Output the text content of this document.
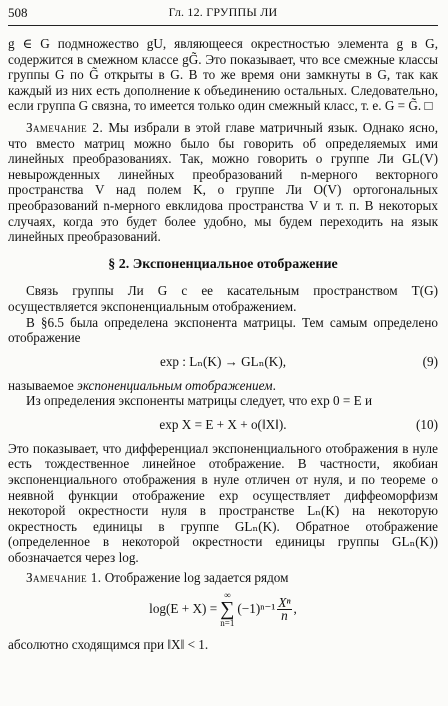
508	Гл. 12. ГРУППЫ ЛИ

g ∈ G подмножество gU, являющееся окрестностью элемента g в G, содержится в смежном классе gG̃. Это показывает, что все смежные классы группы G по G̃ открыты в G. В то же время они замкнуты в G, так как каждый из них есть дополнение к объединению остальных. Следовательно, если группа G связна, то имеется только один смежный класс, т. е. G = G̃. □

Замечание 2. Мы избрали в этой главе матричный язык. Однако ясно, что вместо матриц можно было бы говорить об определяемых ими линейных преобразованиях. Так, можно говорить о группе Ли GL(V) невырожденных линейных преобразований n-мерного векторного пространства V над полем K, о группе Ли O(V) ортогональных преобразований n-мерного евклидова пространства V и т. п. В некоторых случаях, когда это будет более удобно, мы будем переходить на язык линейных преобразований.

§ 2. Экспоненциальное отображение

Связь группы Ли G с ее касательным пространством T(G) осуществляется экспоненциальным отображением.

В §6.5 была определена экспонента матрицы. Тем самым определено отображение

exp : Lₙ(K) → GLₙ(K),	(9)

называемое экспоненциальным отображением.

Из определения экспоненты матрицы следует, что exp 0 = E и

exp X = E + X + o(‖X‖).	(10)

Это показывает, что дифференциал экспоненциального отображения в нуле есть тождественное линейное отображение. В частности, якобиан экспоненциального отображения в нуле отличен от нуля, и по теореме о неявной функции отображение exp осуществляет диффеоморфизм некоторой окрестности нуля в пространстве Lₙ(K) на некоторую окрестность единицы в группе GLₙ(K). Обратное отображение (определенное в некоторой окрестности единицы группы GLₙ(K)) обозначается через log.

Замечание 1. Отображение log задается рядом

log(E + X) =
∞
∑
n=1
$(-1)^{n-1} \frac{\text{Xⁿ}}{n}$ ,

абсолютно сходящимся при ‖X‖ < 1.
